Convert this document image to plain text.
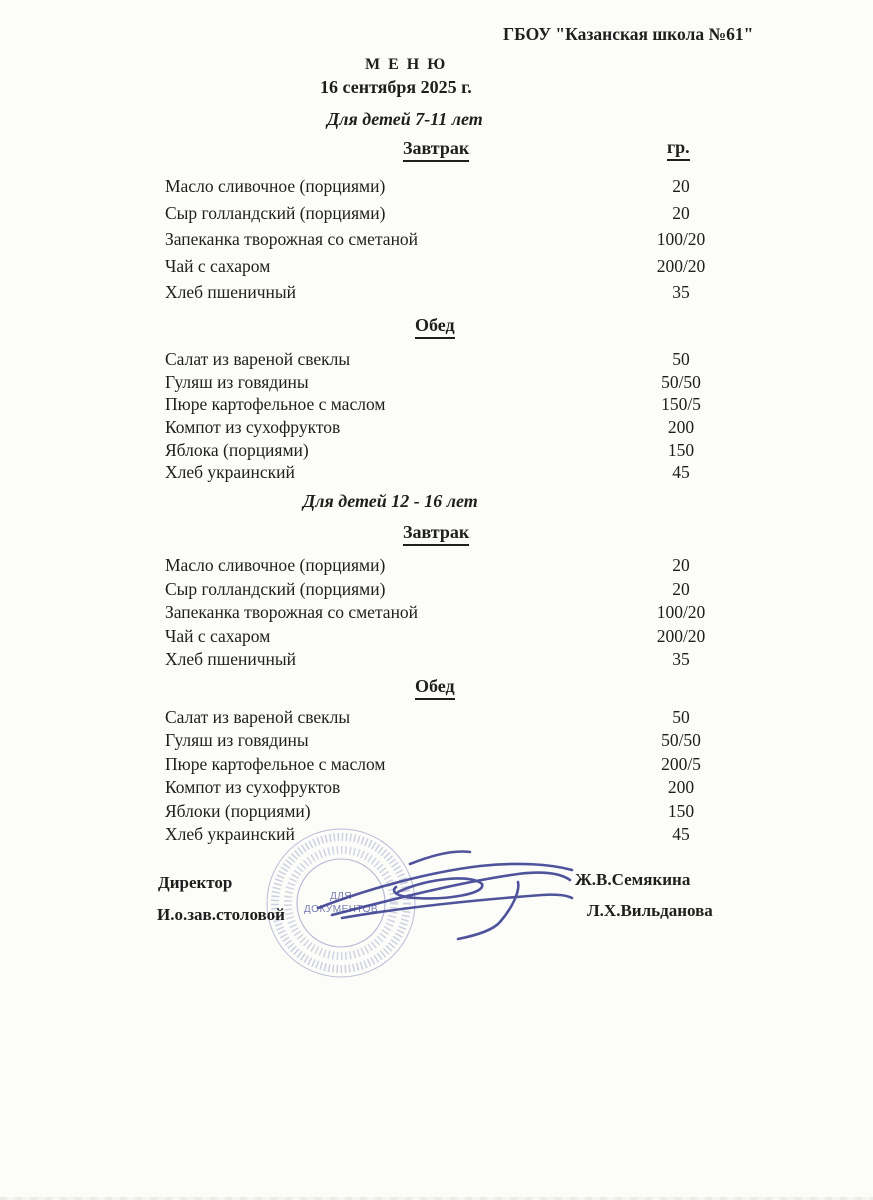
ГБОУ "Казанская школа №61"
М Е Н Ю
16 сентября 2025 г.
Для детей 7-11 лет
Завтрак	гр.
Масло сливочное (порциями)	20
Сыр голландский (порциями)	20
Запеканка творожная со сметаной	100/20
Чай с сахаром	200/20
Хлеб пшеничный	35
Обед
Салат из вареной свеклы	50
Гуляш из говядины	50/50
Пюре картофельное с маслом	150/5
Компот из сухофруктов	200
Яблока (порциями)	150
Хлеб украинский	45
Для детей 12 - 16 лет
Завтрак
Масло сливочное (порциями)	20
Сыр голландский (порциями)	20
Запеканка творожная со сметаной	100/20
Чай с сахаром	200/20
Хлеб пшеничный	35
Обед
Салат из вареной свеклы	50
Гуляш из говядины	50/50
Пюре картофельное с маслом	200/5
Компот из сухофруктов	200
Яблоки (порциями)	150
Хлеб украинский	45
ДЛЯ
ДОКУМЕНТОВ
Директор	Ж.В.Семякина
И.о.зав.столовой	Л.Х.Вильданова
